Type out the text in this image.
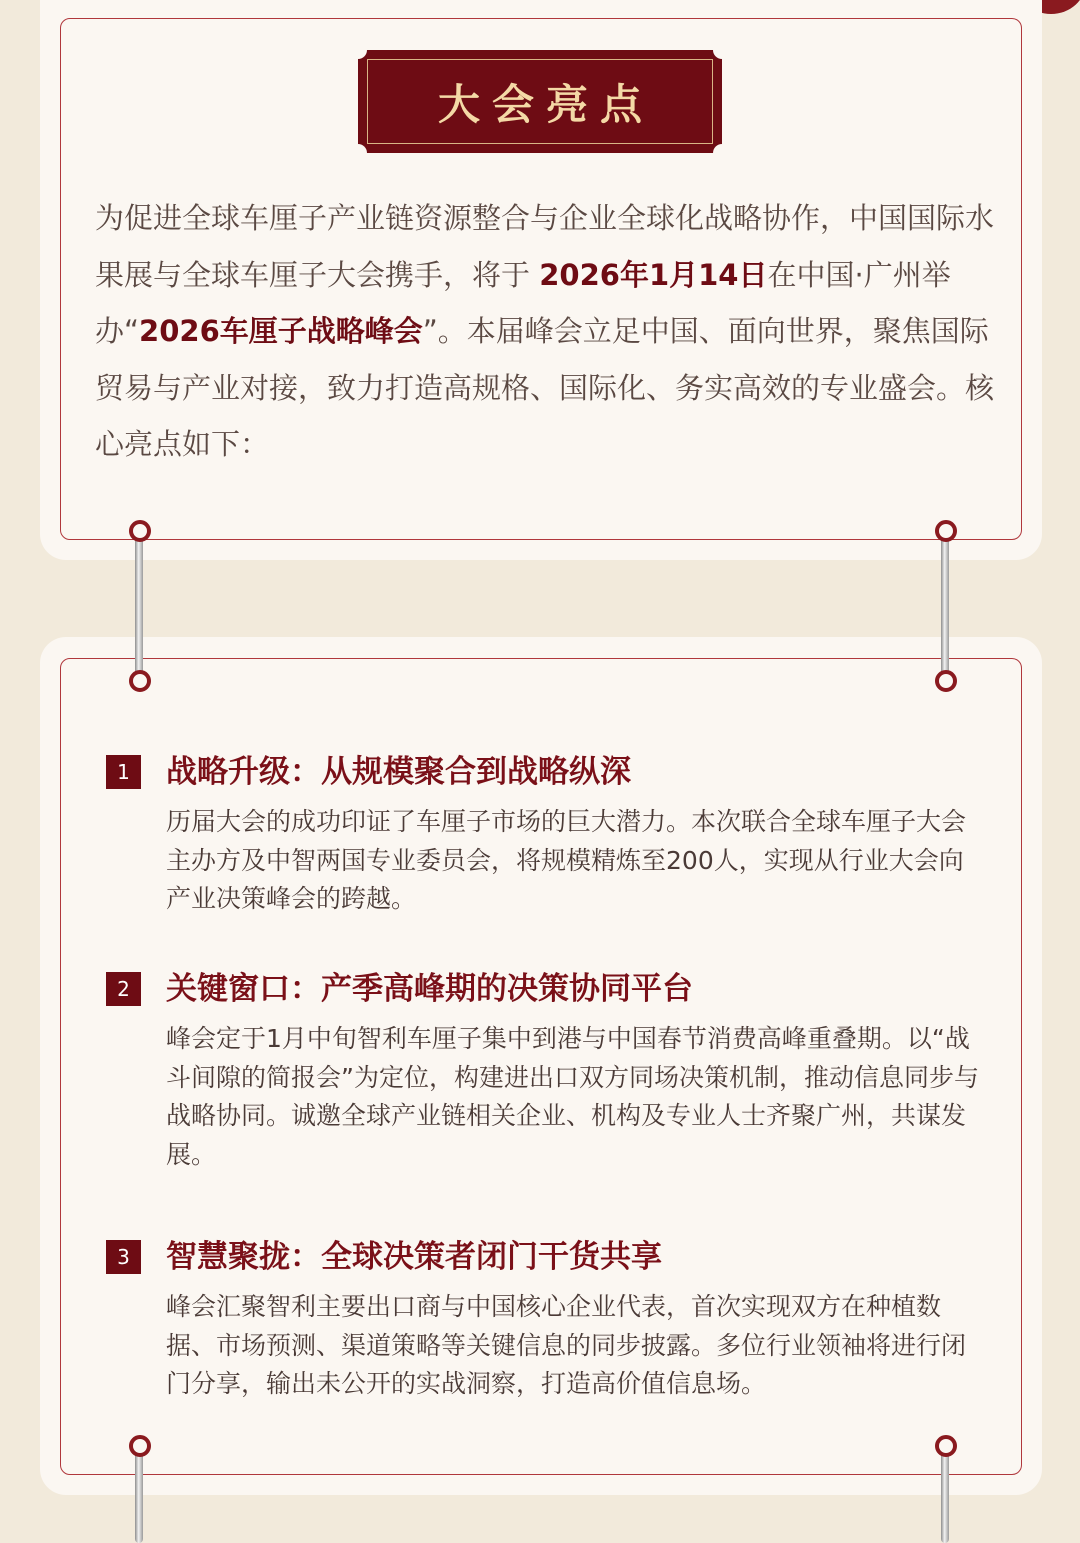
大会亮点

为促进全球车厘子产业链资源整合与企业全球化战略协作，中国国际水果展与全球车厘子大会携手，将于 2026年1月14日在中国·广州举办“2026车厘子战略峰会”。本届峰会立足中国、面向世界，聚焦国际贸易与产业对接，致力打造高规格、国际化、务实高效的专业盛会。核心亮点如下：

1	战略升级：从规模聚合到战略纵深

历届大会的成功印证了车厘子市场的巨大潜力。本次联合全球车厘子大会主办方及中智两国专业委员会，将规模精炼至200人，实现从行业大会向产业决策峰会的跨越。

2	关键窗口：产季高峰期的决策协同平台

峰会定于1月中旬智利车厘子集中到港与中国春节消费高峰重叠期。以“战斗间隙的简报会”为定位，构建进出口双方同场决策机制，推动信息同步与战略协同。诚邀全球产业链相关企业、机构及专业人士齐聚广州，共谋发展。

3	智慧聚拢：全球决策者闭门干货共享

峰会汇聚智利主要出口商与中国核心企业代表，首次实现双方在种植数据、市场预测、渠道策略等关键信息的同步披露。多位行业领袖将进行闭门分享，输出未公开的实战洞察，打造高价值信息场。
